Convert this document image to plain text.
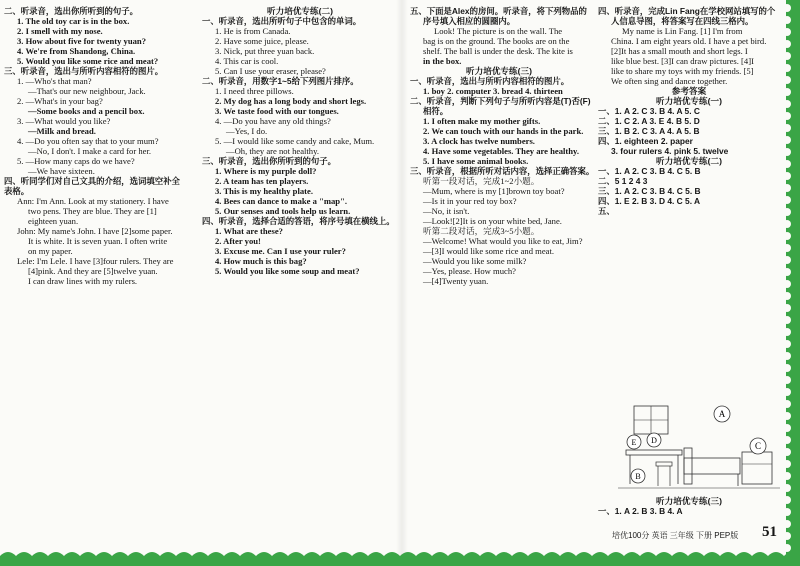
二、听录音，选出你所听到的句子。
1. The old toy car is in the box.
2. I smell with my nose.
3. How about five for twenty yuan?
4. We're from Shandong, China.
5. Would you like some rice and meat?
三、听录音，选出与所听内容相符的图片。
1. —Who's that man?
—That's our new neighbour, Jack.
2. —What's in your bag?
—Some books and a pencil box.
3. —What would you like?
—Milk and bread.
4. —Do you often say that to your mum?
—No, I don't. I make a card for her.
5. —How many caps do we have?
—We have sixteen.
四、听同学们对自己文具的介绍，选词填空补全
表格。
Ann: I'm Ann. Look at my stationery. I have
two pens. They are blue. They are [1]
eighteen yuan.
John: My name's John. I have [2]some paper.
It is white. It is seven yuan. I often write
on my paper.
Lele: I'm Lele. I have [3]four rulers. They are
[4]pink. And they are [5]twelve yuan.
I can draw lines with my rulers.
听力培优专练(二)
一、听录音，选出所听句子中包含的单词。
1. He is from Canada.
2. Have some juice, please.
3. Nick, put three yuan back.
4. This car is cool.
5. Can I use your eraser, please?
二、听录音，用数字1~5给下列图片排序。
1. I need three pillows.
2. My dog has a long body and short legs.
3. We taste food with our tongues.
4. —Do you have any old things?
—Yes, I do.
5. —I would like some candy and cake, Mum.
—Oh, they are not healthy.
三、听录音，选出你所听到的句子。
1. Where is my purple doll?
2. A team has ten players.
3. This is my healthy plate.
4. Bees can dance to make a "map".
5. Our senses and tools help us learn.
四、听录音，选择合适的答语，将序号填在横线上。
1. What are these?
2. After you!
3. Excuse me. Can I use your ruler?
4. How much is this bag?
5. Would you like some soup and meat?
五、下面是Alex的房间。听录音，将下列物品的
序号填入相应的圆圈内。
Look! The picture is on the wall. The
bag is on the ground. The books are on the
shelf. The ball is under the desk. The kite is
in the box.
听力培优专练(三)
一、听录音，选出与所听内容相符的图片。
1. boy 2. computer 3. bread 4. thirteen
二、听录音，判断下列句子与所听内容是(T)否(F)
相符。
1. I often make my mother gifts.
2. We can touch with our hands in the park.
3. A clock has twelve numbers.
4. Have some vegetables. They are healthy.
5. I have some animal books.
三、听录音，根据所听对话内容，选择正确答案。
听第一段对话，完成1~2小题。
—Mum, where is my [1]brown toy boat?
—Is it in your red toy box?
—No, it isn't.
—Look![2]It is on your white bed, Jane.
听第二段对话，完成3~5小题。
—Welcome! What would you like to eat, Jim?
—[3]I would like some rice and meat.
—Would you like some milk?
—Yes, please. How much?
—[4]Twenty yuan.
四、听录音，完成Lin Fang在学校网站填写的个
人信息导图，将答案写在四线三格内。
My name is Lin Fang. [1] I'm from
China. I am eight years old. I have a pet bird.
[2]It has a small mouth and short legs. I
like blue best. [3]I can draw pictures. [4]I
like to share my toys with my friends. [5]
We often sing and dance together.
参考答案
听力培优专练(一)
一、1. A 2. C 3. B 4. A 5. C
二、1. C 2. A 3. E 4. B 5. D
三、1. B 2. C 3. A 4. A 5. B
四、1. eighteen 2. paper
3. four rulers 4. pink 5. twelve
听力培优专练(二)
一、1. A 2. C 3. B 4. C 5. B
二、5 1 2 4 3
三、1. A 2. C 3. B 4. C 5. B
四、1. E 2. B 3. D 4. C 5. A
五、
A
E D
C
B
听力培优专练(三)
一、1. A 2. B 3. B 4. A
培优100分 英语 三年级 下册 PEP版 51
